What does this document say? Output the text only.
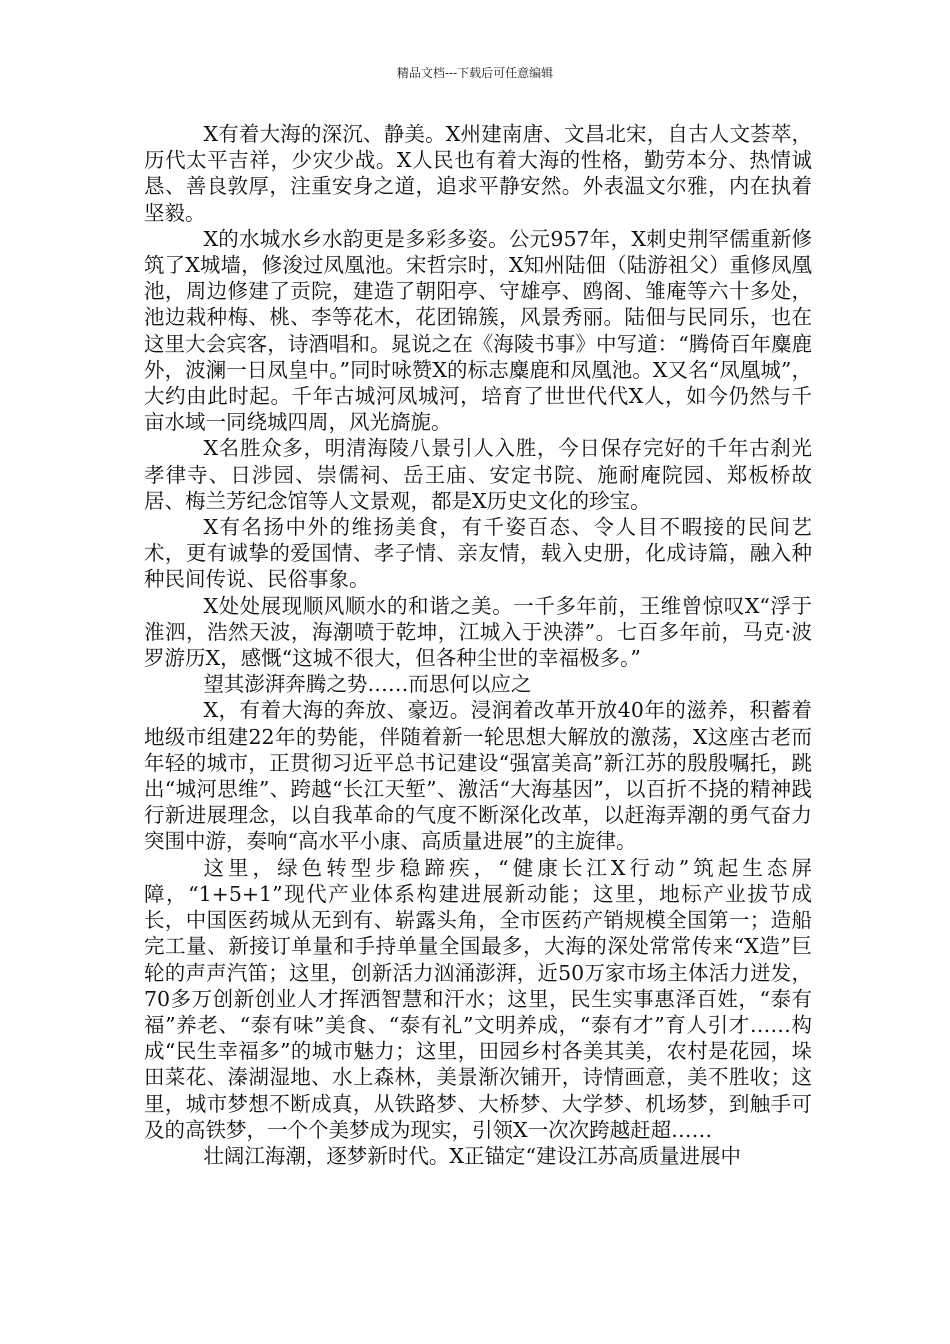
精品文档---下载后可任意编辑

X有着大海的深沉、静美。X州建南唐、文昌北宋，自古人文荟萃，历代太平吉祥，少灾少战。X人民也有着大海的性格，勤劳本分、热情诚恳、善良敦厚，注重安身之道，追求平静安然。外表温文尔雅，内在执着坚毅。

X的水城水乡水韵更是多彩多姿。公元957年，X刺史荆罕儒重新修筑了X城墙，修浚过凤凰池。宋哲宗时，X知州陆佃（陆游祖父）重修凤凰池，周边修建了贡院，建造了朝阳亭、守雄亭、鸥阁、雏庵等六十多处，池边栽种梅、桃、李等花木，花团锦簇，风景秀丽。陆佃与民同乐，也在这里大会宾客，诗酒唱和。晁说之在《海陵书事》中写道：“腾倚百年麋鹿外，波澜一日凤皇中。”同时咏赞X的标志麋鹿和凤凰池。X又名“凤凰城”，大约由此时起。千年古城河凤城河，培育了世世代代X人，如今仍然与千亩水域一同绕城四周，风光旖旎。

X名胜众多，明清海陵八景引人入胜，今日保存完好的千年古刹光孝律寺、日涉园、崇儒祠、岳王庙、安定书院、施耐庵院园、郑板桥故居、梅兰芳纪念馆等人文景观，都是X历史文化的珍宝。

X有名扬中外的维扬美食，有千姿百态、令人目不暇接的民间艺术，更有诚挚的爱国情、孝子情、亲友情，载入史册，化成诗篇，融入种种民间传说、民俗事象。

X处处展现顺风顺水的和谐之美。一千多年前，王维曾惊叹X“浮于淮泗，浩然天波，海潮喷于乾坤，江城入于泱漭”。七百多年前，马克·波罗游历X，感慨“这城不很大，但各种尘世的幸福极多。”

望其澎湃奔腾之势……而思何以应之

X，有着大海的奔放、豪迈。浸润着改革开放40年的滋养，积蓄着地级市组建22年的势能，伴随着新一轮思想大解放的激荡，X这座古老而年轻的城市，正贯彻习近平总书记建设“强富美高”新江苏的殷殷嘱托，跳出“城河思维”、跨越“长江天堑”、激活“大海基因”，以百折不挠的精神践行新进展理念，以自我革命的气度不断深化改革，以赶海弄潮的勇气奋力突围中游，奏响“高水平小康、高质量进展”的主旋律。

这里，绿色转型步稳蹄疾，“健康长江X行动”筑起生态屏障，“1+5+1”现代产业体系构建进展新动能；这里，地标产业拔节成长，中国医药城从无到有、崭露头角，全市医药产销规模全国第一；造船完工量、新接订单量和手持单量全国最多，大海的深处常常传来“X造”巨轮的声声汽笛；这里，创新活力汹涌澎湃，近50万家市场主体活力迸发，70多万创新创业人才挥洒智慧和汗水；这里，民生实事惠泽百姓，“泰有福”养老、“泰有味”美食、“泰有礼”文明养成，“泰有才”育人引才……构成“民生幸福多”的城市魅力；这里，田园乡村各美其美，农村是花园，垛田菜花、溱湖湿地、水上森林，美景渐次铺开，诗情画意，美不胜收；这里，城市梦想不断成真，从铁路梦、大桥梦、大学梦、机场梦，到触手可及的高铁梦，一个个美梦成为现实，引领X一次次跨越赶超……

壮阔江海潮，逐梦新时代。X正锚定“建设江苏高质量进展中
